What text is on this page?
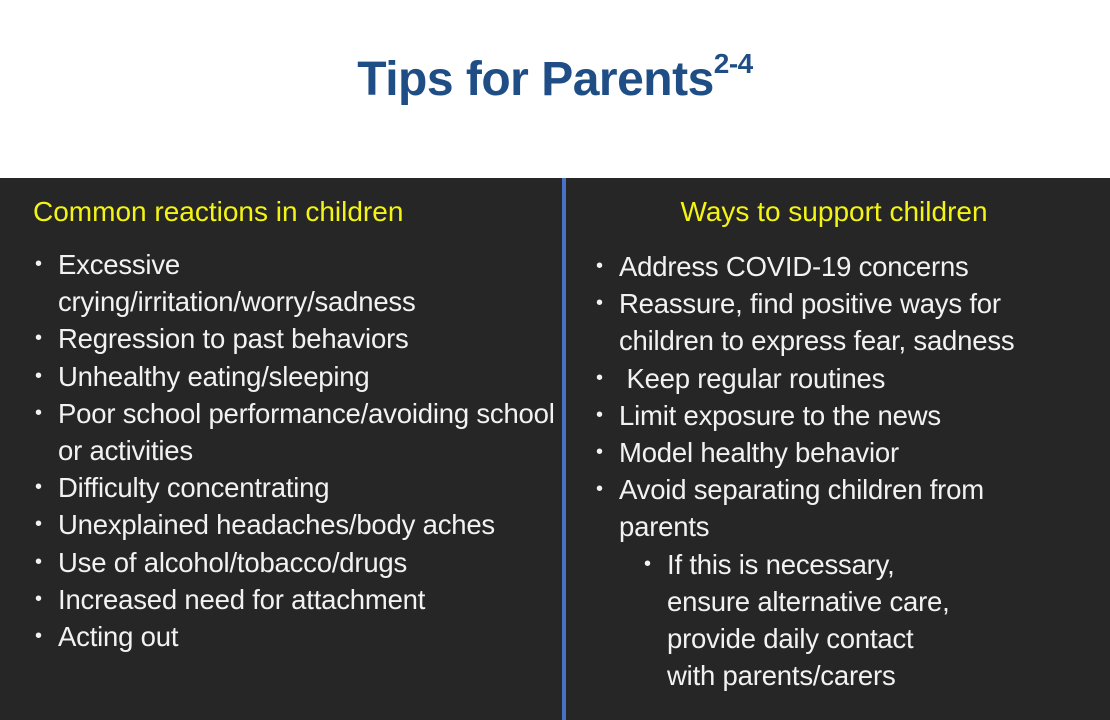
Tips for Parents$^{2-4}$
Common reactions in children
• Excessive crying/irritation/worry/sadness
• Regression to past behaviors
• Unhealthy eating/sleeping
• Poor school performance/avoiding school or activities
• Difficulty concentrating
• Unexplained headaches/body aches
• Use of alcohol/tobacco/drugs
• Increased need for attachment
• Acting out
Ways to support children
• Address COVID-19 concerns
• Reassure, find positive ways for children to express fear, sadness
• Keep regular routines
• Limit exposure to the news
• Model healthy behavior
• Avoid separating children from parents
• If this is necessary, ensure alternative care, provide daily contact with parents/carers
